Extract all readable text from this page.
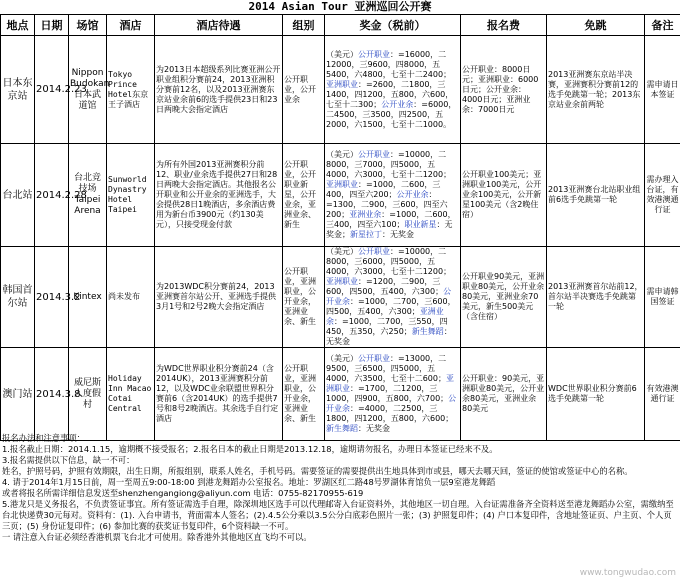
2014 Asian Tour 亚洲巡回公开赛
地点	日期	场馆	酒店	酒店待遇	组别	奖金（税前）	报名费	免跳	备注
日本东京站	2014.2.23	Nippon Budokan日本武道馆	Tokyo Prince Hotel东京王子酒店	为2013日本超级系列比赛亚洲公开职业组积分赛前24，2013亚洲积分赛前12名，以及2013亚洲赛东京站业余前6的选手提供23日和23日两晚大会指定酒店	公开职业，公开业余	（美元）公开职业：=16000，二12000，三9600，四8000，五5400，六4800，七至十二2400；亚洲职业：=2600，二1800，三1400，四1200，五800，六600，七至十二300；公开业余：=6000，二4500，三3500，四2500，五2000，六1500，七至十二1000。	公开职业：8000日元；亚洲职业：6000日元；公开业余：4000日元；亚洲业余：7000日元	2013亚洲赛东京站半决赛，亚洲赛积分赛前12的选手免跳第一轮；2013东京站业余前两轮	需申请日本签证
台北站	2014.2.28	台北竞技场 Taipei Arena	Sunworld Dynastry Hotel Taipei	为所有外国2013亚洲赛积分前12、职业/业余选手提供27日和28日两晚大会指定酒店。其他报名公开职业和公开业余的亚洲选手，大会提供28日1晚酒店，多余酒店费用为新台币3900元（约130美元），只接受现金付款	公开职业，公开职业新星，公开业余，亚洲业余、新生	（美元）公开职业：=10000，二8000，三7000，四5000，五4000，六3000，七至十二1200；亚洲职业：=1000，二600，三400，四至六200；公开业余：=1300，二900，三600，四至六200；亚洲业余：=1000，二600，三400，四至六100；职业新星：无奖金；新星拉丁：无奖金	公开职业100美元；亚洲职业100美元，公开业余100美元，公开新星100美元（含2晚住宿）	2013亚洲赛台北站职业组前6选手免跳第一轮	需办理入台证，有效港澳通行证
韩国首尔站	2014.3.2	Kintex	尚未发布	为2013WDC积分赛前24，2013亚洲赛首尔站公开、亚洲选手提供3月1号和2号2晚大会指定酒店	公开职业，亚洲职业，公开业余，亚洲业余、新生	（美元）公开职业：=10000，二8000，三6000，四5000，五4000，六3000，七至十二1200；亚洲职业：=1200，二900，三600，四500，五400，六300；公开业余：=1000，二700，三600，四500，五400，六300；亚洲业余：=1000，二700，三550，四450，五350，六250；新生舞蹈：无奖金	公开职业90美元，亚洲职业80美元，公开业余80美元，亚洲业余70美元，新生500美元（含住宿）	2013亚洲赛首尔站前12，首尔站半决赛选手免跳第一轮	需申请韩国签证
澳门站	2014.3.8	威尼斯人度假村	Holiday Inn Macao Cotai Central	为WDC世界职业积分赛前24（含2014UK），2013亚洲赛积分前12，以及WDC业余联盟世界积分赛前6（含2014UK）的选手提供7号和8号2晚酒店。其余选手自行定酒店	公开职业，亚洲职业，公开业余，亚洲业余、新生	（美元）公开职业：=13000，二9500，三6500，四5000，五4000，六3500，七至十二600；亚洲职业：=1700，二1200，三1000，四900，五800，六700；公开业余：=4000，二2500，三1800，四1200，五800，六600；新生舞蹈：无奖金	公开职业：90美元，亚洲职业80美元，公开业余80美元，亚洲业余80美元	WDC世界职业积分赛前6选手免跳第一轮	有效港澳通行证
报名办法和注意事项：
1.报名截止日期：2014.1.15，逾期概不接受报名；2.报名日本的截止日期是2013.12.18，逾期请勿报名，办理日本签证已经来不及。
3.报名需提供以下信息，缺一不可：
姓名，护照号码，护照有效期限，出生日期，所报组别，联系人姓名，手机号码。需要签证的需要提供出生地具体到市或县，哪天去哪天回，签证的使馆或签证中心的名称。
4. 请于2014年1月15日前，周一至周五9:00-18:00 到港龙舞蹈办公室报名。地址：罗湖区红二路48号罗湖体育馆负一层9室港龙舞蹈
或者将报名所需详细信息发送至shenzhengangiong@aliyun.com 电话：0755-82170955-619
5.港龙只是义务报名，不负责签证事宜。所有签证需选手自理，除深圳地区选手可以代理邮寄入台证资料外，其他地区一切自理。入台证需准备齐全资料送至港龙舞蹈办公室，需缴纳至台北快递费30元每对。资料有：(1). 入台申请书，背面需本人签名；(2).4.5公分乘以3.5公分白底彩色照片一张；(3) 护照复印件；(4) 户口本复印件，含地址签证页、户主页、个人页三页；(5) 身份证复印件；(6) 参加比赛的获奖证书复印件，6个资料缺一不可。
一 请注意入台证必须经香港机票飞台北才可使用。除香港外其他地区直飞均不可以。
www.tongwudao.com
